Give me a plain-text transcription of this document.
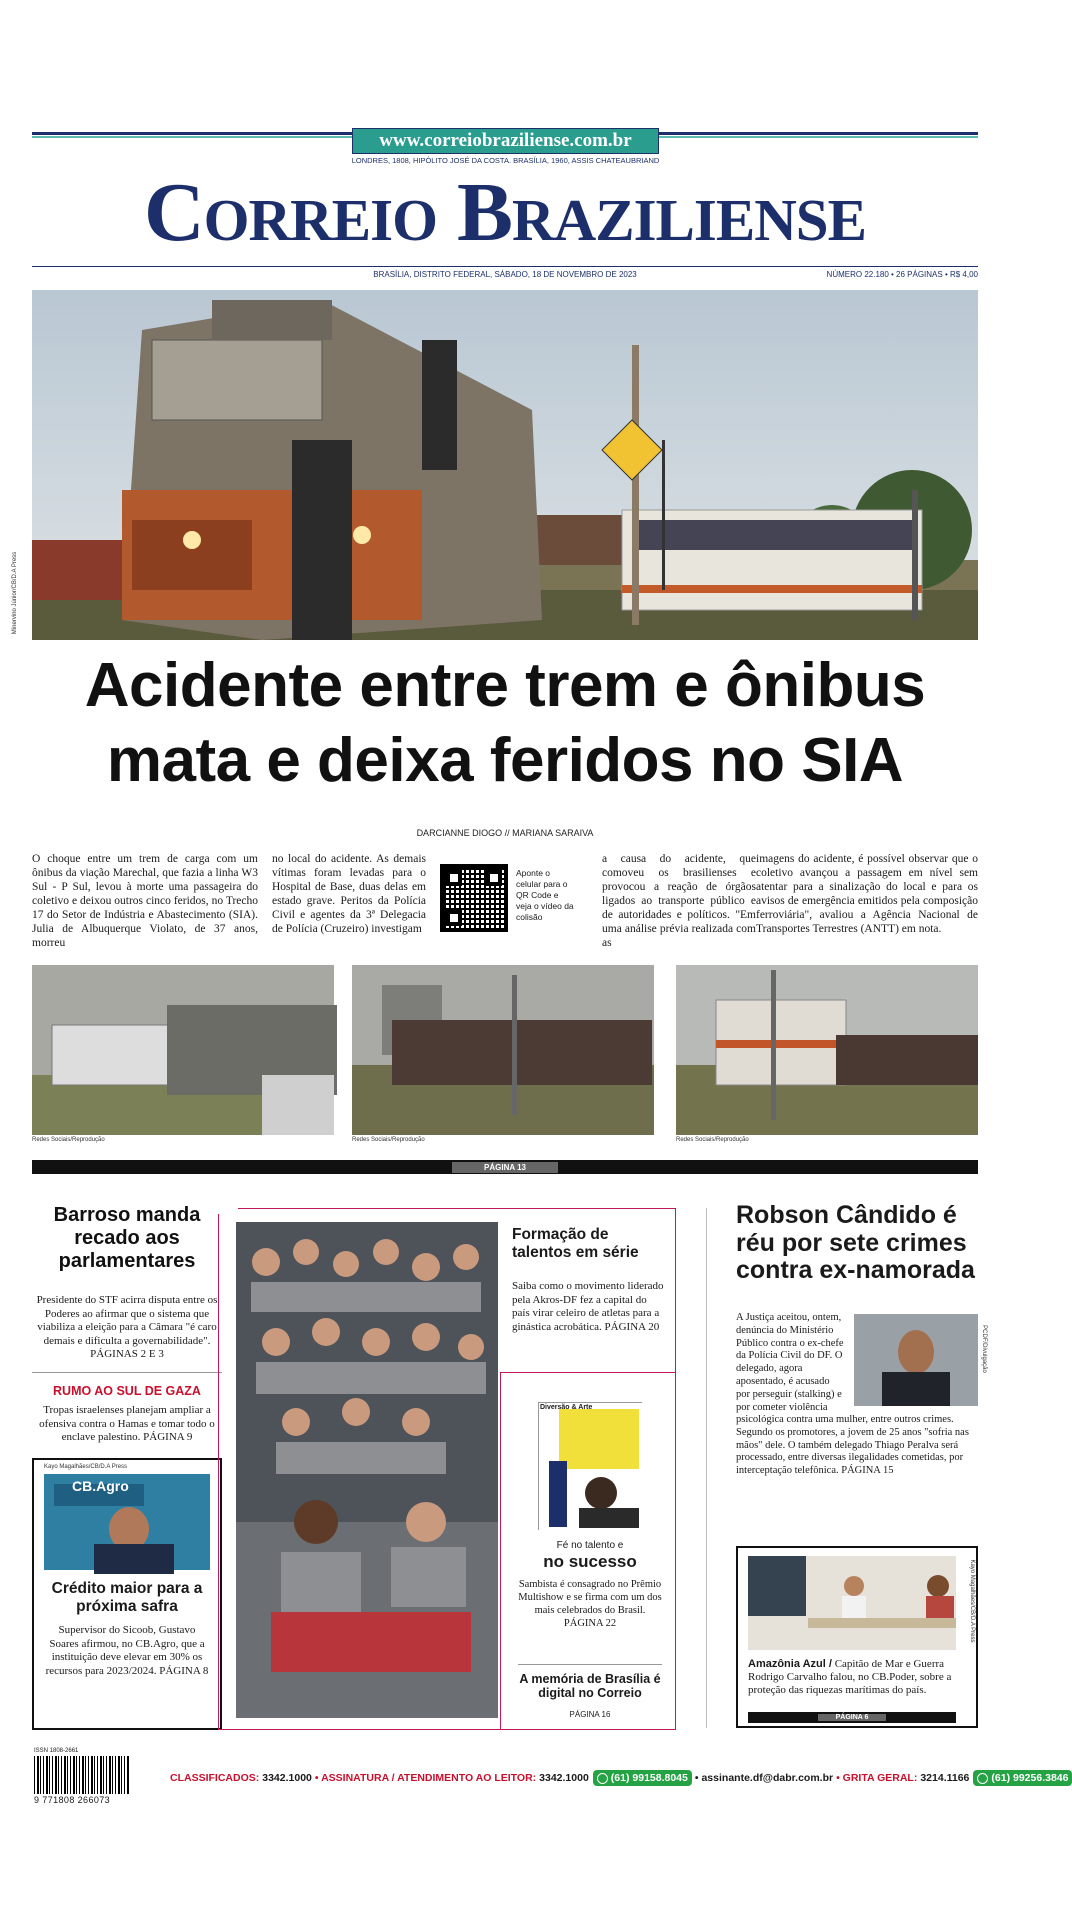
www.correiobraziliense.com.br
LONDRES, 1808, HIPÓLITO JOSÉ DA COSTA. BRASÍLIA, 1960, ASSIS CHATEAUBRIAND
Correio Braziliense
BRASÍLIA, DISTRITO FEDERAL, SÁBADO, 18 DE NOVEMBRO DE 2023	NÚMERO 22.180 • 26 PÁGINAS • R$ 4,00
Minervino Júnior/CB/D.A Press
Acidente entre trem e ônibus
mata e deixa feridos no SIA
DARCIANNE DIOGO // MARIANA SARAIVA
O choque entre um trem de carga com um ônibus da viação Marechal, que fazia a linha W3 Sul - P Sul, levou à morte uma passageira do coletivo e deixou outros cinco feridos, no Trecho 17 do Setor de Indústria e Abastecimento (SIA). Julia de Albuquerque Violato, de 37 anos, morreu
no local do acidente. As demais vítimas foram levadas para o Hospital de Base, duas delas em estado grave. Peritos da Polícia Civil e agentes da 3ª Delegacia de Polícia (Cruzeiro) investigam
Aponte o celular para o QR Code e veja o vídeo da colisão
a causa do acidente, que comoveu os brasilienses e provocou a reação de órgãos ligados ao transporte público e de autoridades e políticos. "Em uma análise prévia realizada com as
imagens do acidente, é possível observar que o coletivo avançou a passagem em nível sem atentar para a sinalização do local e para os avisos de emergência emitidos pela composição ferroviária", avaliou a Agência Nacional de Transportes Terrestres (ANTT) em nota.
Redes Sociais/Reprodução	Redes Sociais/Reprodução	Redes Sociais/Reprodução
PÁGINA 13
Barroso manda recado aos parlamentares
Presidente do STF acirra disputa entre os Poderes ao afirmar que o sistema que viabiliza a eleição para a Câmara "é caro demais e dificulta a governabilidade". PÁGINAS 2 E 3
RUMO AO SUL DE GAZA
Tropas israelenses planejam ampliar a ofensiva contra o Hamas e tomar todo o enclave palestino. PÁGINA 9
Kayo Magalhães/CB/D.A Press
CB.Agro
Crédito maior para a próxima safra
Supervisor do Sicoob, Gustavo Soares afirmou, no CB.Agro, que a instituição deve elevar em 30% os recursos para 2023/2024. PÁGINA 8
Formação de talentos em série
Saiba como o movimento liderado pela Akros-DF fez a capital do país virar celeiro de atletas para a ginástica acrobática. PÁGINA 20
Diversão & Arte
Fé no talento e
no sucesso
Sambista é consagrado no Prêmio Multishow e se firma com um dos mais celebrados do Brasil. PÁGINA 22
A memória de Brasília é digital no Correio
PÁGINA 16
Robson Cândido é réu por sete crimes contra ex-namorada
A Justiça aceitou, ontem, denúncia do Ministério Público contra o ex-chefe da Polícia Civil do DF. O delegado, agora aposentado, é acusado por perseguir (stalking) e por cometer violência
PCDF/Divulgação
psicológica contra uma mulher, entre outros crimes. Segundo os promotores, a jovem de 25 anos "sofria nas mãos" dele. O também delegado Thiago Peralva será processado, entre diversas ilegalidades cometidas, por interceptação telefônica. PÁGINA 15
Kayo Magalhães/CB/D.A Press
Amazônia Azul / Capitão de Mar e Guerra Rodrigo Carvalho falou, no CB.Poder, sobre a proteção das riquezas marítimas do país.
PÁGINA 6
ISSN 1808-2661
9 771808 266073
CLASSIFICADOS: 3342.1000 • ASSINATURA / ATENDIMENTO AO LEITOR: 3342.1000 (61) 99158.8045 • assinante.df@dabr.com.br • GRITA GERAL: 3214.1166 (61) 99256.3846
